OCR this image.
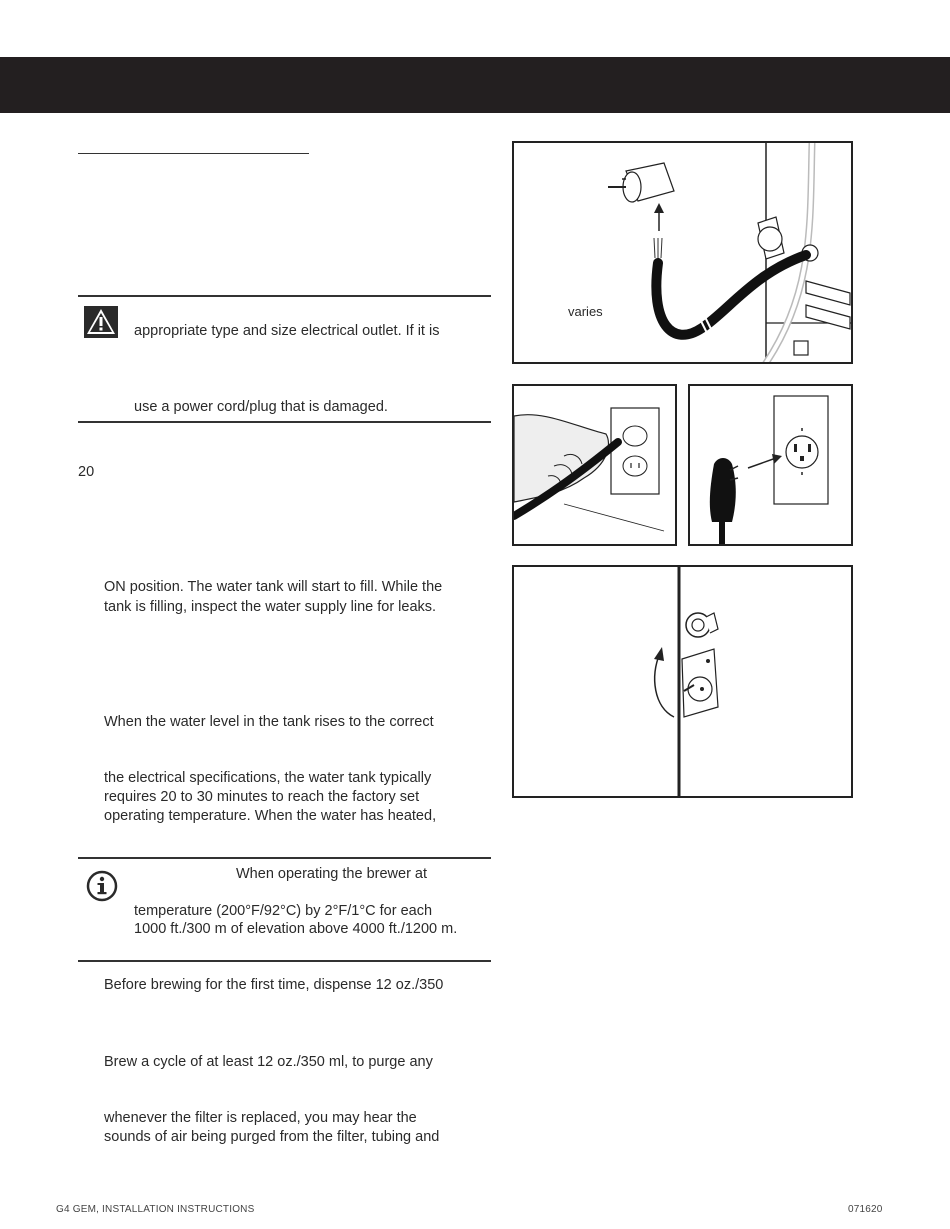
appropriate type and size electrical outlet. If it is
use a power cord/plug that is damaged.
20
ON position. The water tank will start to fill. While the
tank is filling, inspect the water supply line for leaks.
When the water level in the tank rises to the correct
the electrical specifications, the water tank typically
requires 20 to 30 minutes to reach the factory set
operating temperature. When the water has heated,
When operating the brewer at
temperature (200°F/92°C) by 2°F/1°C for each
1000 ft./300 m of elevation above 4000 ft./1200 m.
Before brewing for the first time, dispense 12 oz./350
Brew a cycle of at least 12 oz./350 ml, to purge any
whenever the filter is replaced, you may hear the
sounds of air being purged from the filter, tubing and
varies
G4 GEM, INSTALLATION INSTRUCTIONS	071620
